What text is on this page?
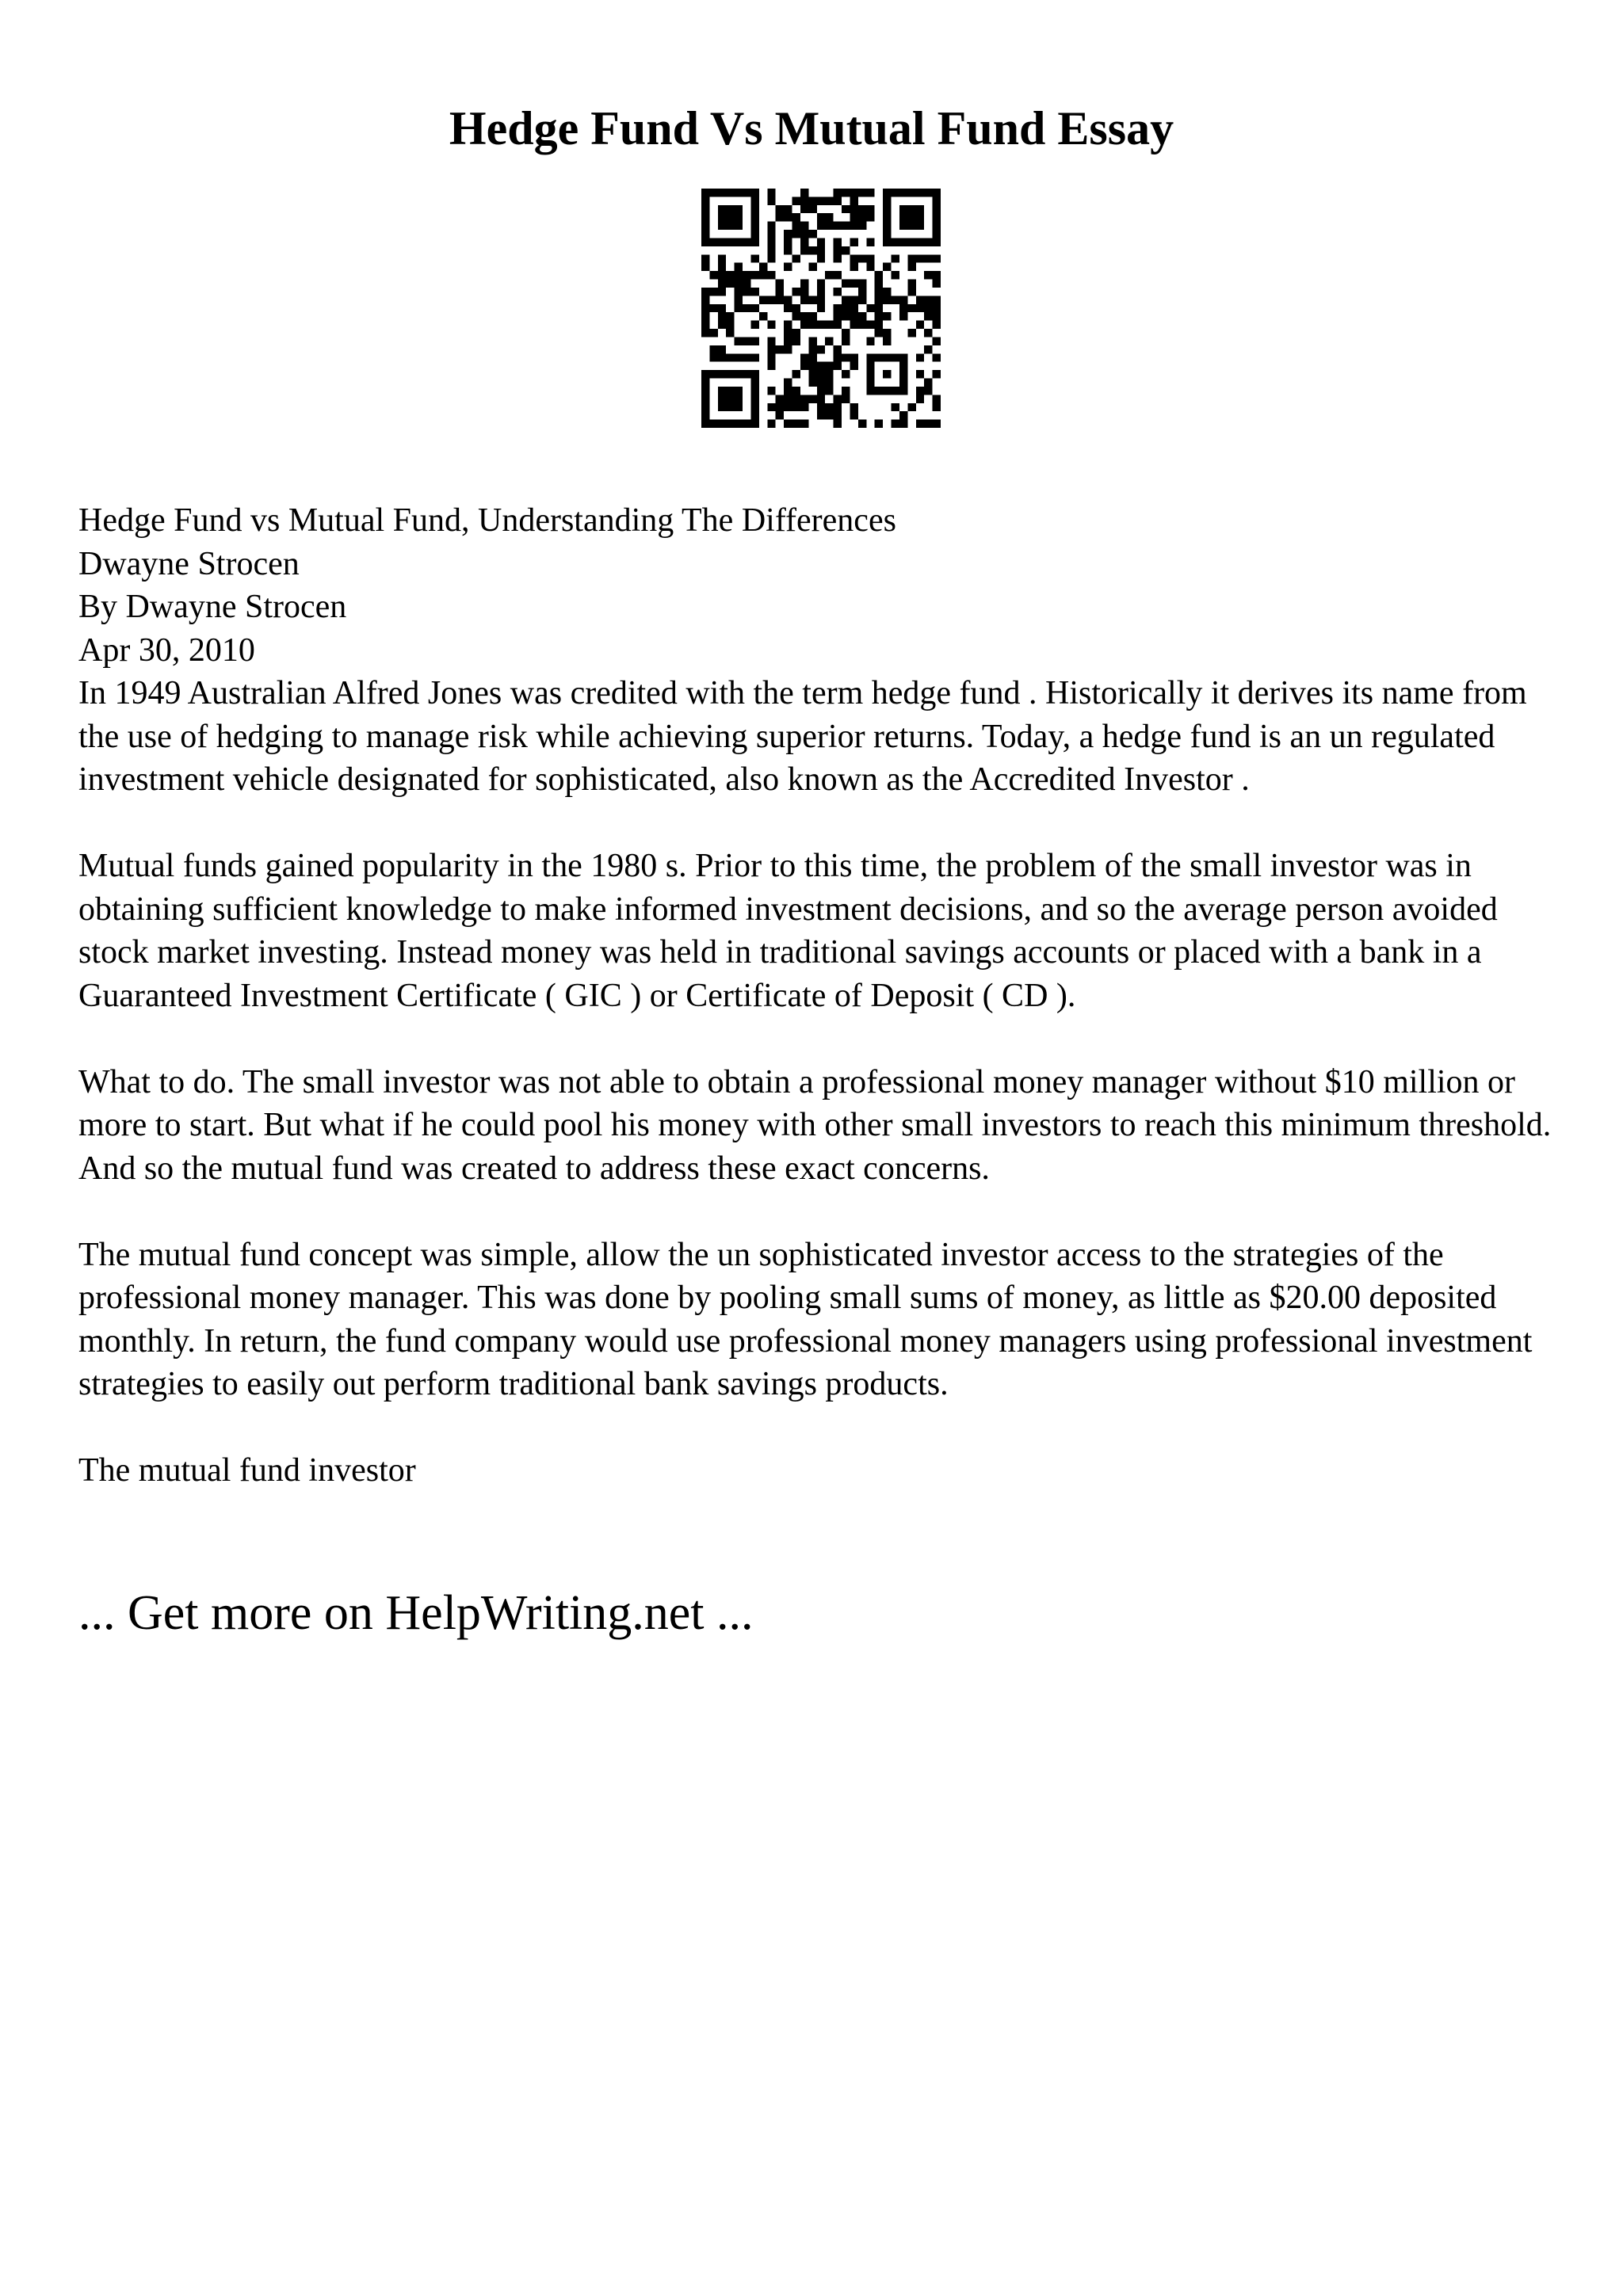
Hedge Fund Vs Mutual Fund Essay

Hedge Fund vs Mutual Fund, Understanding The Differences

Dwayne Strocen

By Dwayne Strocen

Apr 30, 2010

In 1949 Australian Alfred Jones was credited with the term hedge fund . Historically it derives its name from the use of hedging to manage risk while achieving superior returns. Today, a hedge fund is an un regulated investment vehicle designated for sophisticated, also known as the Accredited Investor .

Mutual funds gained popularity in the 1980 s. Prior to this time, the problem of the small investor was in obtaining sufficient knowledge to make informed investment decisions, and so the average person avoided stock market investing. Instead money was held in traditional savings accounts or placed with a bank in a Guaranteed Investment Certificate ( GIC ) or Certificate of Deposit ( CD ).

What to do. The small investor was not able to obtain a professional money manager without $10 million or more to start. But what if he could pool his money with other small investors to reach this minimum threshold. And so the mutual fund was created to address these exact concerns.

The mutual fund concept was simple, allow the un sophisticated investor access to the strategies of the professional money manager. This was done by pooling small sums of money, as little as $20.00 deposited monthly. In return, the fund company would use professional money managers using professional investment strategies to easily out perform traditional bank savings products.

The mutual fund investor

... Get more on HelpWriting.net ...
